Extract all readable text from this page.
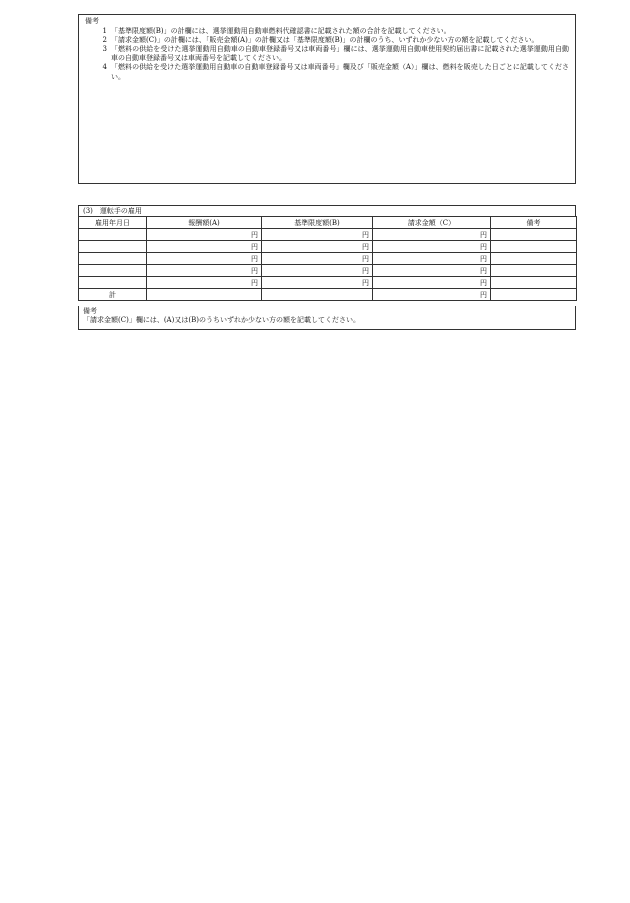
備考
1 「基準限度額(B)」の計欄には、選挙運動用自動車燃料代確認書に記載された額の合計を記載してください。
2 「請求金額(C)」の計欄には、「販売金額(A)」の計欄又は「基準限度額(B)」の計欄のうち、いずれか少ない方の額を記載してください。
3 「燃料の供給を受けた選挙運動用自動車の自動車登録番号又は車両番号」欄には、選挙運動用自動車使用契約届出書に記載された選挙運動用自動車の自動車登録番号又は車両番号を記載してください。
4 「燃料の供給を受けた選挙運動用自動車の自動車登録番号又は車両番号」欄及び「販売金額（A）」欄は、燃料を販売した日ごとに記載してください。
(3)　運転手の雇用
雇用年月日	報酬額(A)	基準限度額(B)	請求金額（C）	備考
	円	円	円	
	円	円	円	
	円	円	円	
	円	円	円	
	円	円	円	
計			円	
備考
「請求金額(C)」欄には、(A)又は(B)のうちいずれか少ない方の額を記載してください。
